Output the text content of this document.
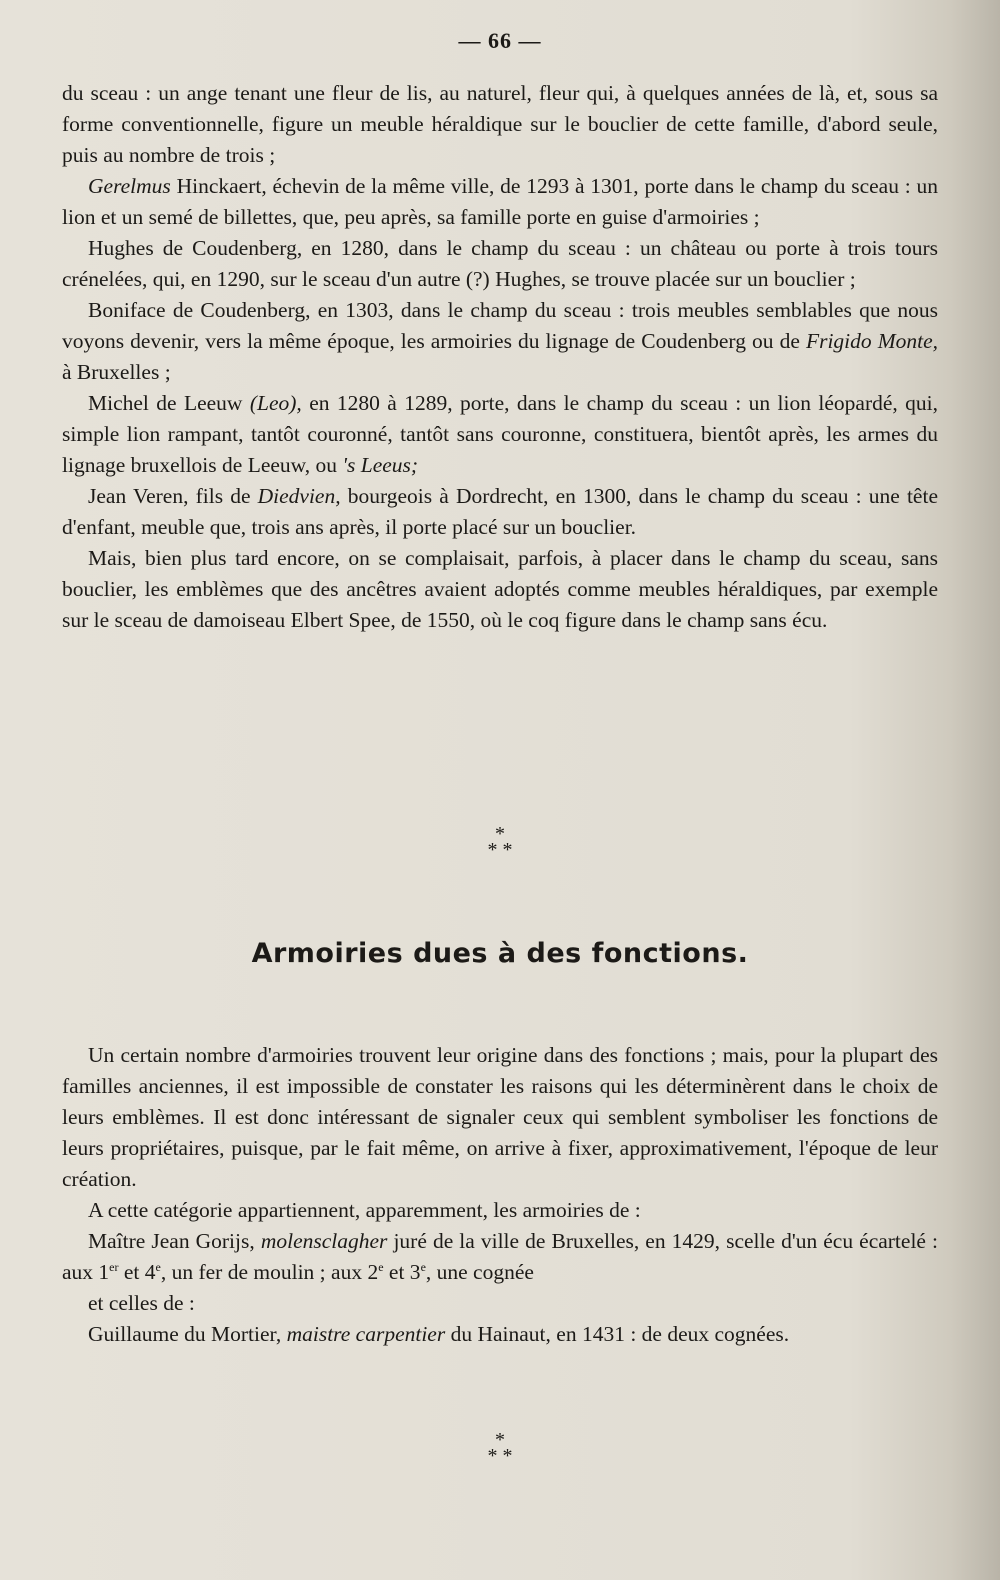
— 66 —

du sceau : un ange tenant une fleur de lis, au naturel, fleur qui, à quelques années de là, et, sous sa forme conventionnelle, figure un meuble héraldique sur le bouclier de cette famille, d'abord seule, puis au nombre de trois ;

Gerelmus Hinckaert, échevin de la même ville, de 1293 à 1301, porte dans le champ du sceau : un lion et un semé de billettes, que, peu après, sa famille porte en guise d'armoiries ;

Hughes de Coudenberg, en 1280, dans le champ du sceau : un château ou porte à trois tours crénelées, qui, en 1290, sur le sceau d'un autre (?) Hughes, se trouve placée sur un bouclier ;

Boniface de Coudenberg, en 1303, dans le champ du sceau : trois meubles semblables que nous voyons devenir, vers la même époque, les armoiries du lignage de Coudenberg ou de Frigido Monte, à Bruxelles ;

Michel de Leeuw (Leo), en 1280 à 1289, porte, dans le champ du sceau : un lion léopardé, qui, simple lion rampant, tantôt couronné, tantôt sans couronne, constituera, bientôt après, les armes du lignage bruxellois de Leeuw, ou 's Leeus;

Jean Veren, fils de Diedvien, bourgeois à Dordrecht, en 1300, dans le champ du sceau : une tête d'enfant, meuble que, trois ans après, il porte placé sur un bouclier.

Mais, bien plus tard encore, on se complaisait, parfois, à placer dans le champ du sceau, sans bouclier, les emblèmes que des ancêtres avaient adoptés comme meubles héraldiques, par exemple sur le sceau de damoiseau Elbert Spee, de 1550, où le coq figure dans le champ sans écu.

*
* *
Armoiries dues à des fonctions.

Un certain nombre d'armoiries trouvent leur origine dans des fonctions ; mais, pour la plupart des familles anciennes, il est impossible de constater les raisons qui les déterminèrent dans le choix de leurs emblèmes. Il est donc intéressant de signaler ceux qui semblent symboliser les fonctions de leurs propriétaires, puisque, par le fait même, on arrive à fixer, approximativement, l'époque de leur création.

A cette catégorie appartiennent, apparemment, les armoiries de :

Maître Jean Gorijs, molensclagher juré de la ville de Bruxelles, en 1429, scelle d'un écu écartelé : aux 1er et 4e, un fer de moulin ; aux 2e et 3e, une cognée

et celles de :

Guillaume du Mortier, maistre carpentier du Hainaut, en 1431 : de deux cognées.

*
* *
